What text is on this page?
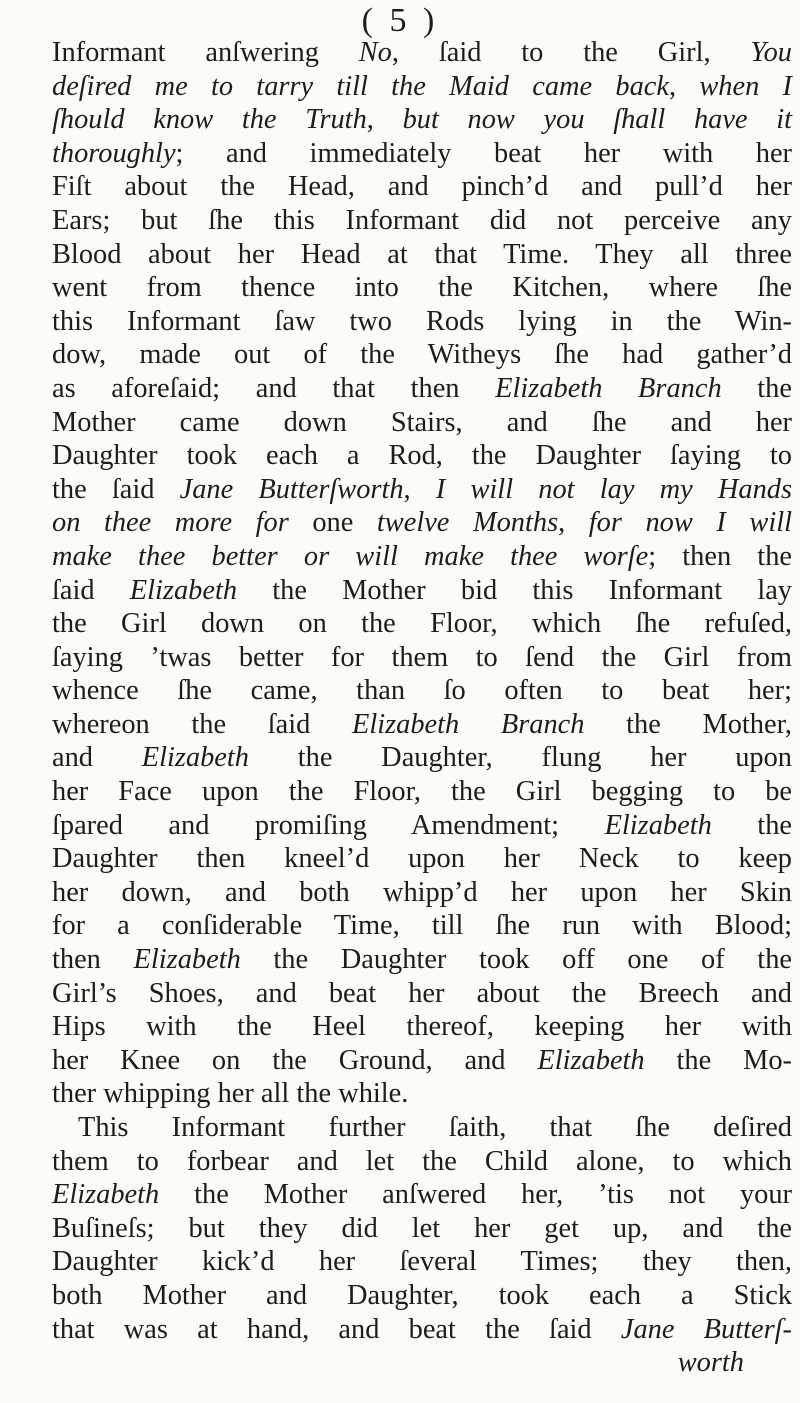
( 5 )
Informant anſwering No, ſaid to the Girl, You
deſired me to tarry till the Maid came back, when I
ſhould know the Truth, but now you ſhall have it
thoroughly; and immediately beat her with her
Fiſt about the Head, and pinch’d and pull’d her
Ears; but ſhe this Informant did not perceive any
Blood about her Head at that Time. They all three
went from thence into the Kitchen, where ſhe
this Informant ſaw two Rods lying in the Win-
dow, made out of the Witheys ſhe had gather’d
as aforeſaid; and that then Elizabeth Branch the
Mother came down Stairs, and ſhe and her
Daughter took each a Rod, the Daughter ſaying to
the ſaid Jane Butterſworth, I will not lay my Hands
on thee more for one twelve Months, for now I will
make thee better or will make thee worſe; then the
ſaid Elizabeth the Mother bid this Informant lay
the Girl down on the Floor, which ſhe refuſed,
ſaying ’twas better for them to ſend the Girl from
whence ſhe came, than ſo often to beat her;
whereon the ſaid Elizabeth Branch the Mother,
and Elizabeth the Daughter, flung her upon
her Face upon the Floor, the Girl begging to be
ſpared and promiſing Amendment; Elizabeth the
Daughter then kneel’d upon her Neck to keep
her down, and both whipp’d her upon her Skin
for a conſiderable Time, till ſhe run with Blood;
then Elizabeth the Daughter took off one of the
Girl’s Shoes, and beat her about the Breech and
Hips with the Heel thereof, keeping her with
her Knee on the Ground, and Elizabeth the Mo-
ther whipping her all the while.
This Informant further ſaith, that ſhe deſired
them to forbear and let the Child alone, to which
Elizabeth the Mother anſwered her, ’tis not your
Buſineſs; but they did let her get up, and the
Daughter kick’d her ſeveral Times; they then,
both Mother and Daughter, took each a Stick
that was at hand, and beat the ſaid Jane Butterſ-
worth
